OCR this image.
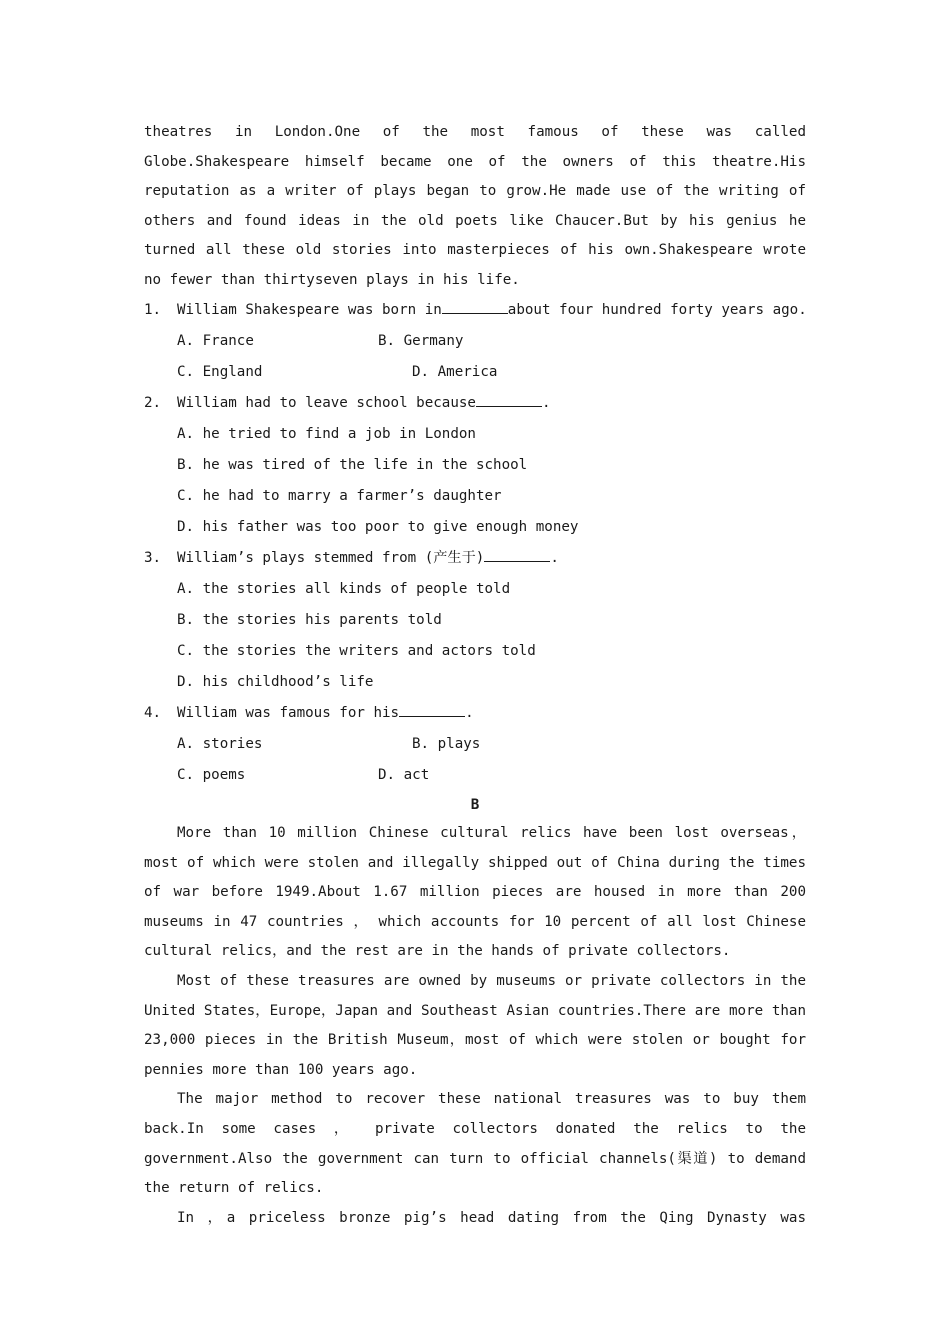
theatres in London.One of the most famous of these was called Globe.Shakespeare himself became one of the owners of this theatre.His reputation as a writer of plays began to grow.He made use of the writing of others and found ideas in the old poets like Chaucer.But by his genius he turned all these old stories into masterpieces of his own.Shakespeare wrote no fewer than thirtyseven plays in his life.

1. William Shakespeare was born in	about four hundred forty years ago.

A. France	B. Germany
C. England	D. America

2. William had to leave school because	.

A. he tried to find a job in London

B. he was tired of the life in the school

C. he had to marry a farmer’s daughter

D. his father was too poor to give enough money

3. William’s plays stemmed from (产生于)	.

A. the stories all kinds of people told

B. the stories his parents told

C. the stories the writers and actors told

D. his childhood’s life

4. William was famous for his	.

A. stories	B. plays
C. poems	D. act

B

More than 10 million Chinese cultural relics have been lost overseas，most of which were stolen and illegally shipped out of China during the times of war before 1949.About 1.67 million pieces are housed in more than 200 museums in 47 countries ， which accounts for 10 percent of all lost Chinese cultural relics，and the rest are in the hands of private collectors.

Most of these treasures are owned by museums or private collectors in the United States，Europe，Japan and Southeast Asian countries.There are more than 23,000 pieces in the British Museum，most of which were stolen or bought for pennies more than 100 years ago.

The major method to recover these national treasures was to buy them back.In some cases ， private collectors donated the relics to the government.Also the government can turn to official channels(渠道) to demand the return of relics.

In ，a priceless bronze pig’s head dating from the Qing Dynasty was
